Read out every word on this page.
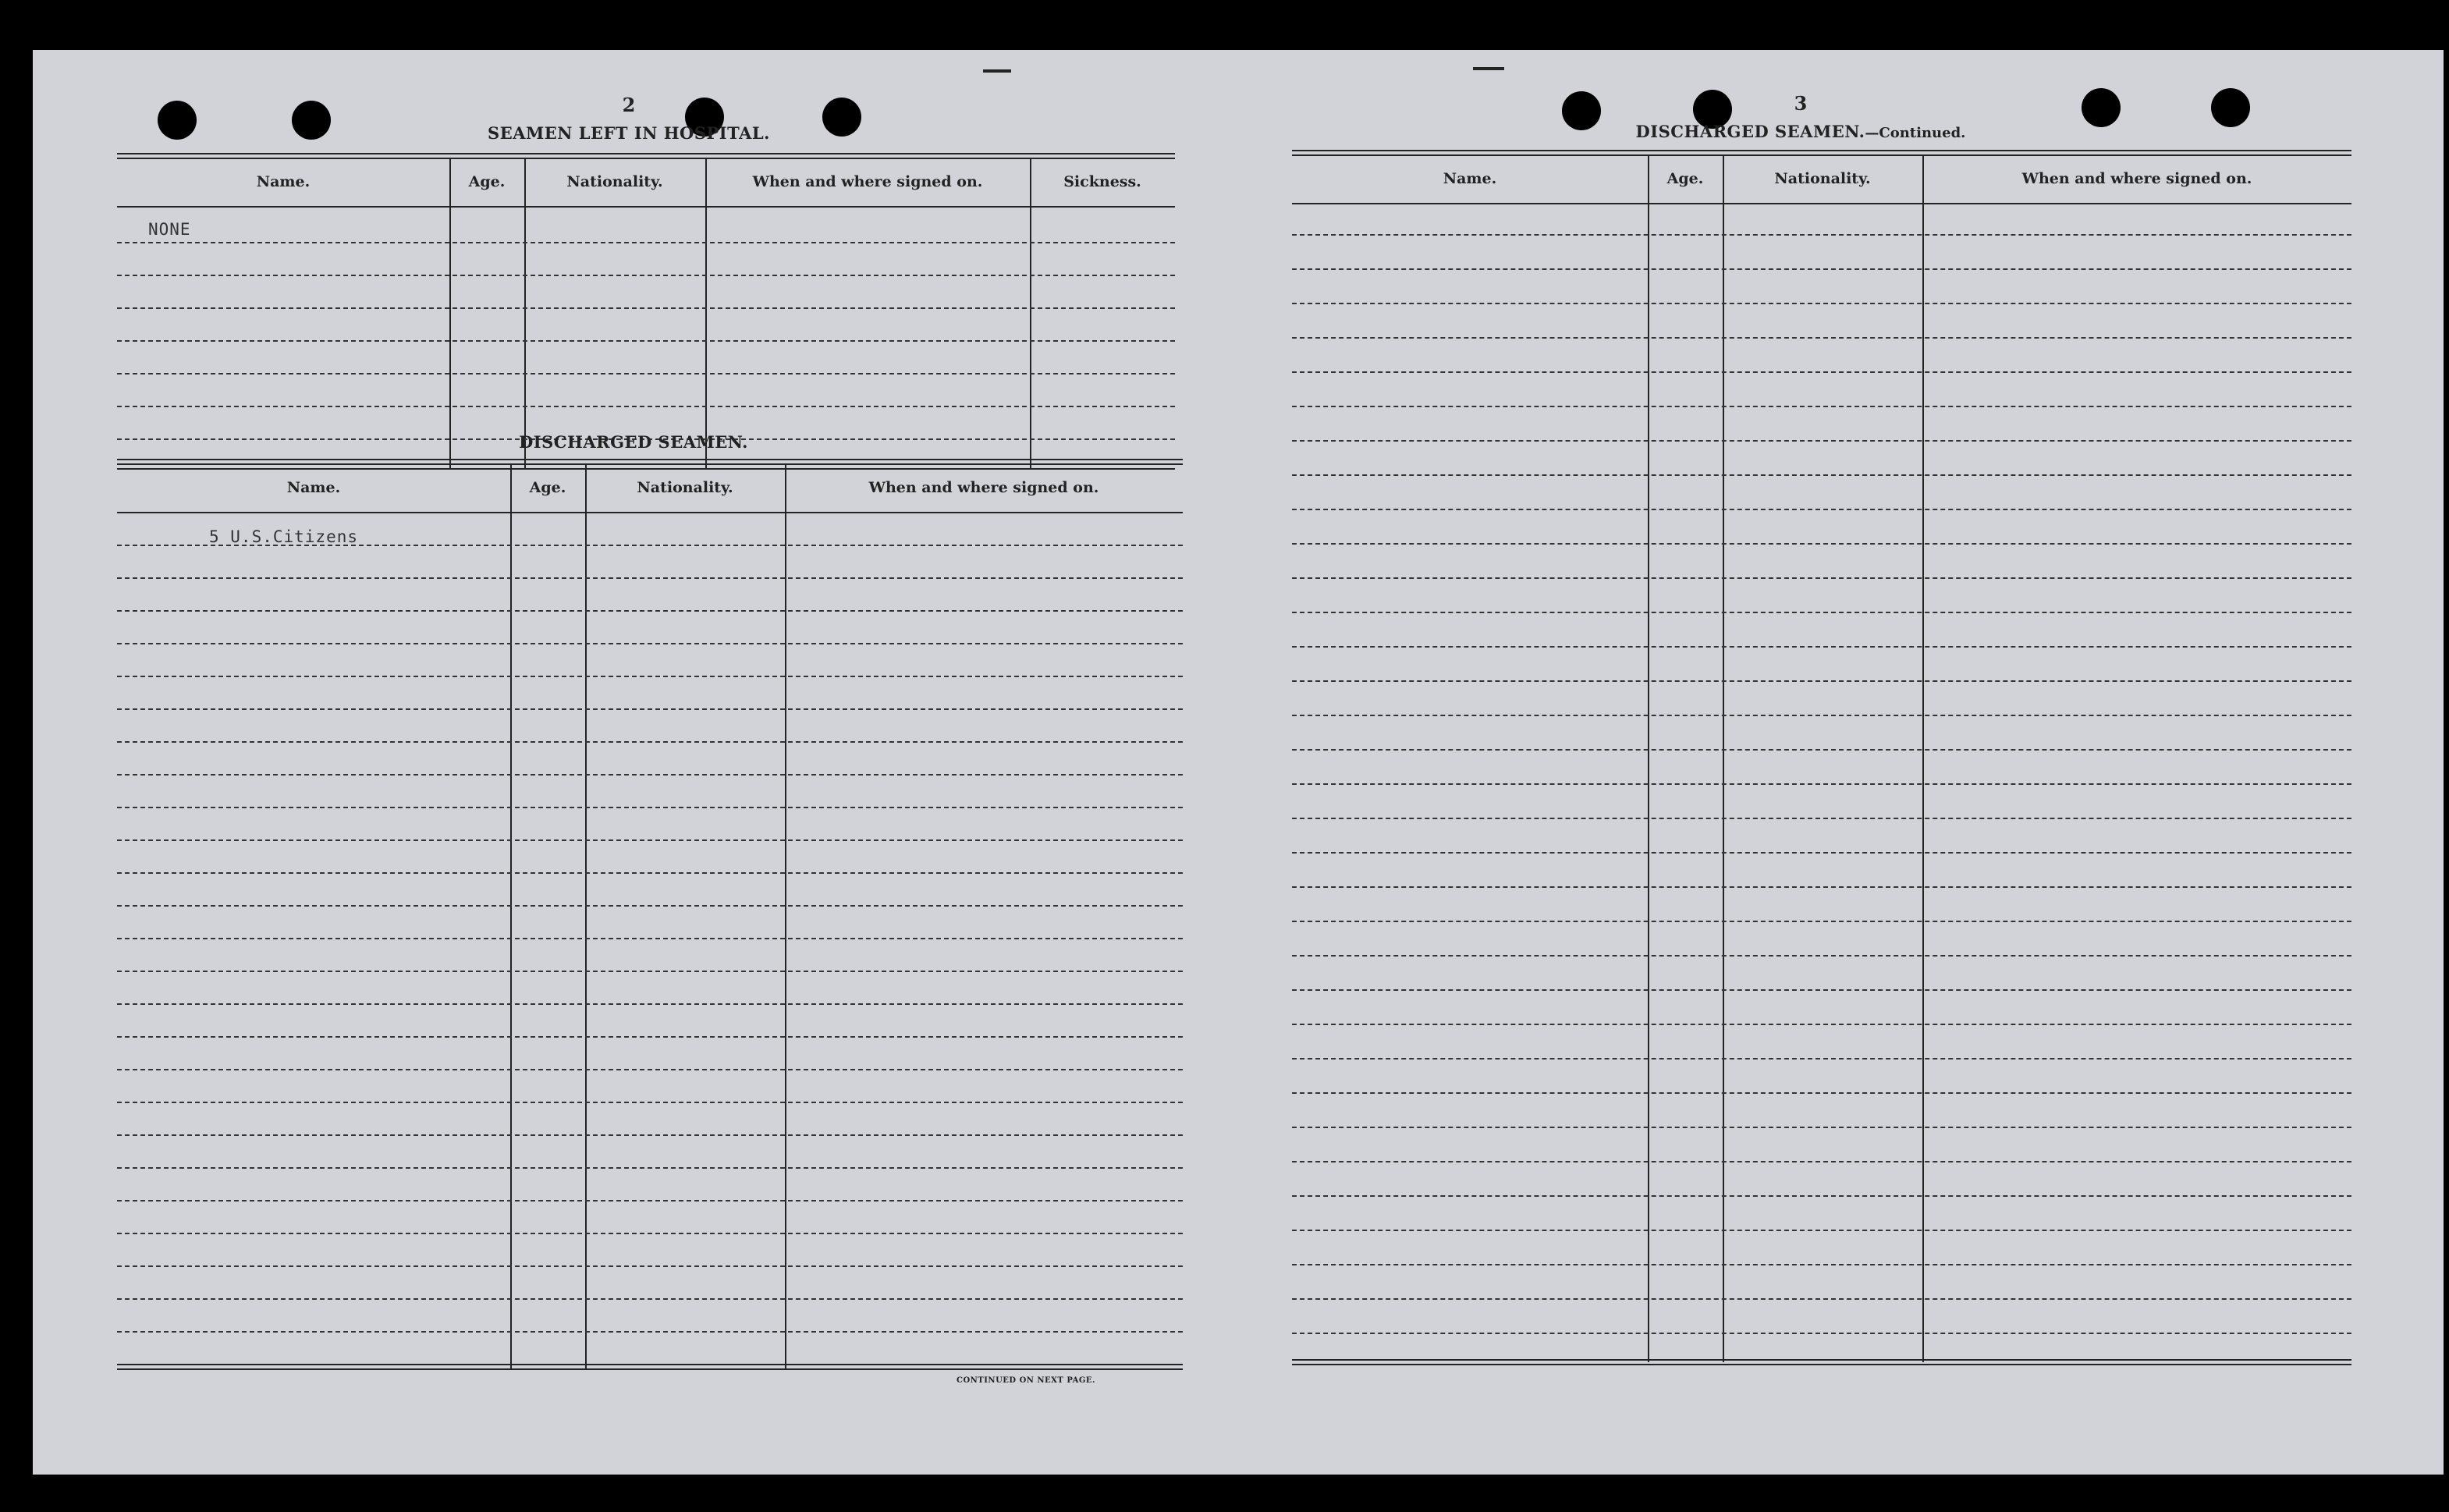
2
SEAMEN LEFT IN HOSPITAL.
Name.	Age.	Nationality.	When and where signed on.	Sickness.
NONE
DISCHARGED SEAMEN.
Name.	Age.	Nationality.	When and where signed on.
5 U.S.Citizens
CONTINUED ON NEXT PAGE.
3
DISCHARGED SEAMEN.—Continued.
Name.	Age.	Nationality.	When and where signed on.
